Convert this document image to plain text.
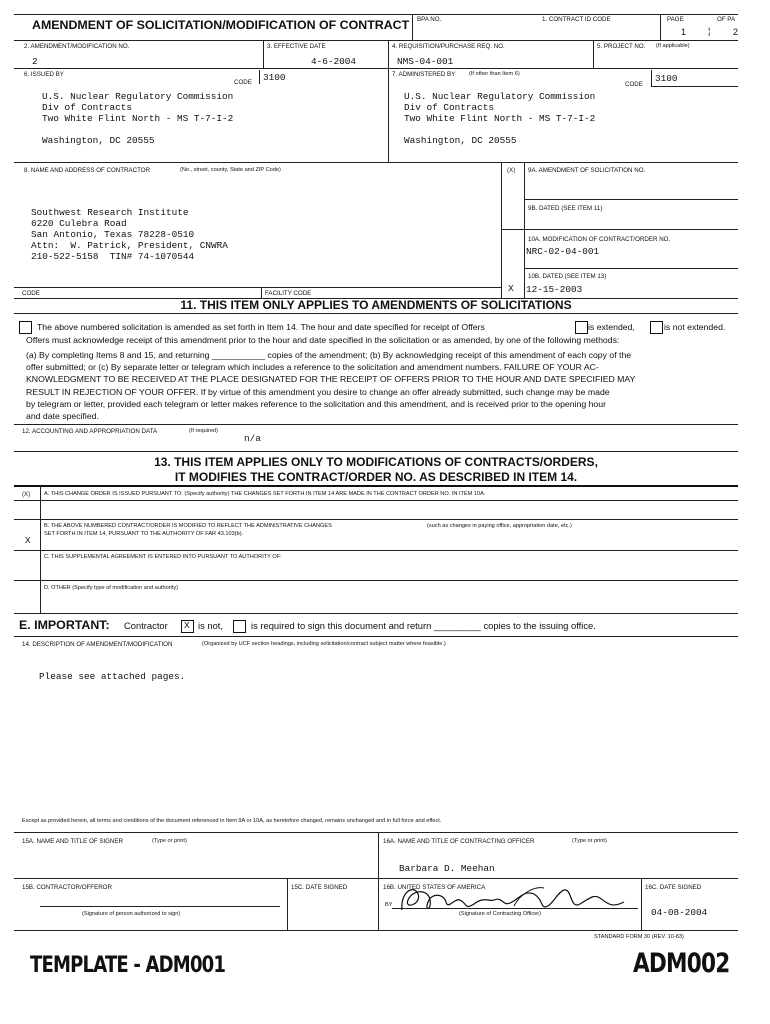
AMENDMENT OF SOLICITATION/MODIFICATION OF CONTRACT BPA NO.	1. CONTRACT ID CODE	PAGE	OF PA
1 ¦	2
2. AMENDMENT/MODIFICATION NO.
2
3. EFFECTIVE DATE
4-6-2004
4. REQUISITION/PURCHASE REQ. NO.
NMS-04-001
5. PROJECT NO. (If applicable)
6. ISSUED BY
CODE 3100
U.S. Nuclear Regulatory Commission
Div of Contracts
Two White Flint North - MS T-7-I-2
Washington, DC 20555
7. ADMINISTERED BY (If other than Item 6)
CODE
3100
U.S. Nuclear Regulatory Commission
Div of Contracts
Two White Flint North - MS T-7-I-2
Washington, DC 20555
8. NAME AND ADDRESS OF CONTRACTOR	(No., street, county, State and ZIP Code)
Southwest Research Institute
6220 Culebra Road
San Antonio, Texas 78228-0510
Attn:  W. Patrick, President, CNWRA
210-522-5158  TIN# 74-1070544
(X) 9A. AMENDMENT OF SOLICITATION NO.
9B. DATED (SEE ITEM 11)
10A. MODIFICATION OF CONTRACT/ORDER NO.
NRC-02-04-001
10B. DATED (SEE ITEM 13)
X 12-15-2003
CODE	FACILITY CODE
11. THIS ITEM ONLY APPLIES TO AMENDMENTS OF SOLICITATIONS
The above numbered solicitation is amended as set forth in Item 14. The hour and date specified for receipt of Offers	is extended,	is not extended.
Offers must acknowledge receipt of this amendment prior to the hour and date specified in the solicitation or as amended, by one of the following methods:
(a) By completing Items 8 and 15, and returning ___________ copies of the amendment; (b) By acknowledging receipt of this amendment of each copy of the
offer submitted; or (c) By separate letter or telegram which includes a reference to the solicitation and amendment numbers. FAILURE OF YOUR AC-
KNOWLEDGMENT TO BE RECEIVED AT THE PLACE DESIGNATED FOR THE RECEIPT OF OFFERS PRIOR TO THE HOUR AND DATE SPECIFIED MAY
RESULT IN REJECTION OF YOUR OFFER. If by virtue of this amendment you desire to change an offer already submitted, such change may be made
by telegram or letter, provided each telegram or letter makes reference to the solicitation and this amendment, and is received prior to the opening hour
and date specified.
12. ACCOUNTING AND APPROPRIATION DATA	(If required)
n/a
13. THIS ITEM APPLIES ONLY TO MODIFICATIONS OF CONTRACTS/ORDERS,
IT MODIFIES THE CONTRACT/ORDER NO. AS DESCRIBED IN ITEM 14.
(X) A. THIS CHANGE ORDER IS ISSUED PURSUANT TO: (Specify authority) THE CHANGES SET FORTH IN ITEM 14 ARE MADE IN THE CONTRACT ORDER NO. IN ITEM 10A.
B. THE ABOVE NUMBERED CONTRACT/ORDER IS MODIFIED TO REFLECT THE ADMINISTRATIVE CHANGES	(such as changes in paying office, appropriation date, etc.)
SET FORTH IN ITEM 14, PURSUANT TO THE AUTHORITY OF FAR 43.103(b).
X
C. THIS SUPPLEMENTAL AGREEMENT IS ENTERED INTO PURSUANT TO AUTHORITY OF:
D. OTHER (Specify type of modification and authority)
E. IMPORTANT: Contractor X is not,	is required to sign this document and return _________ copies to the issuing office.
14. DESCRIPTION OF AMENDMENT/MODIFICATION	(Organized by UCF section headings, including solicitation/contract subject matter where feasible.)
Please see attached pages.
Except as provided herein, all terms and conditions of the document referenced in Item 9A or 10A, as heretofore changed, remains unchanged and in full force and effect.
15A. NAME AND TITLE OF SIGNER	(Type or print)	16A. NAME AND TITLE OF CONTRACTING OFFICER	(Type or print)
Barbara D. Meehan
15B. CONTRACTOR/OFFEROR	15C. DATE SIGNED
(Signature of person authorized to sign)
16B. UNITED STATES OF AMERICA
BY
(Signature of Contracting Officer)
16C. DATE SIGNED
04-08-2004
STANDARD FORM 30 (REV. 10-83)
TEMPLATE - ADM001	ADM002
